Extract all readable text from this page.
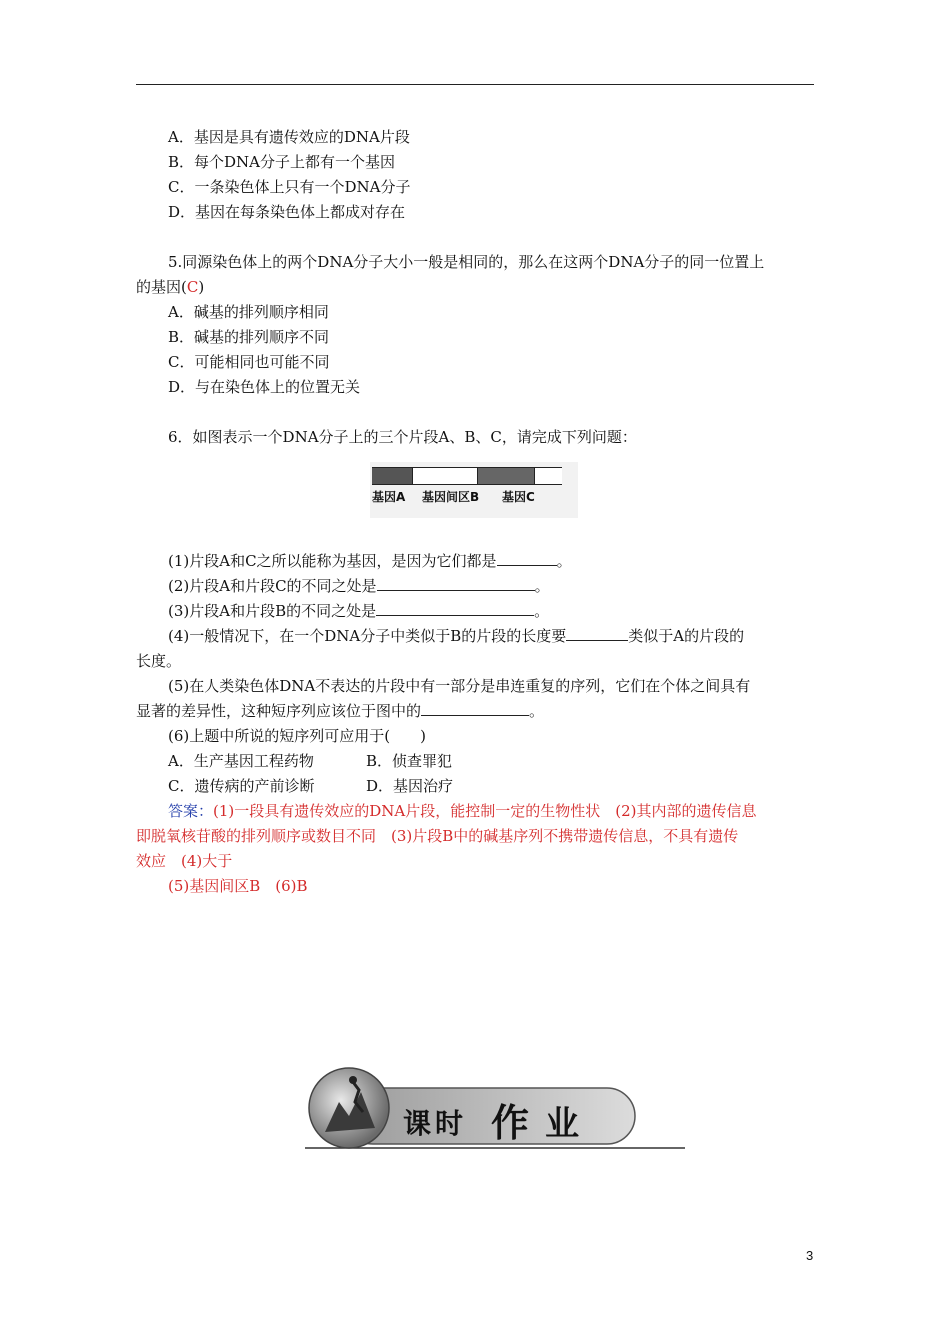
A．基因是具有遗传效应的DNA片段
B．每个DNA分子上都有一个基因
C．一条染色体上只有一个DNA分子
D．基因在每条染色体上都成对存在
5.同源染色体上的两个DNA分子大小一般是相同的，那么在这两个DNA分子的同一位置上
的基因(C)
A．碱基的排列顺序相同
B．碱基的排列顺序不同
C．可能相同也可能不同
D．与在染色体上的位置无关
6．如图表示一个DNA分子上的三个片段A、B、C，请完成下列问题：
基因A 基因间区B 基因C
(1)片段A和C之所以能称为基因，是因为它们都是	。
(2)片段A和片段C的不同之处是	。
(3)片段A和片段B的不同之处是	。
(4)一般情况下，在一个DNA分子中类似于B的片段的长度要	类似于A的片段的
长度。
(5)在人类染色体DNA不表达的片段中有一部分是串连重复的序列，它们在个体之间具有
显著的差异性，这种短序列应该位于图中的	。
(6)上题中所说的短序列可应用于(　　)
A．生产基因工程药物	B．侦查罪犯
C．遗传病的产前诊断	D．基因治疗
答案：(1)一段具有遗传效应的DNA片段，能控制一定的生物性状　(2)其内部的遗传信息
即脱氧核苷酸的排列顺序或数目不同　(3)片段B中的碱基序列不携带遗传信息，不具有遗传
效应　(4)大于
(5)基因间区B　(6)B
课时 作 业
3
